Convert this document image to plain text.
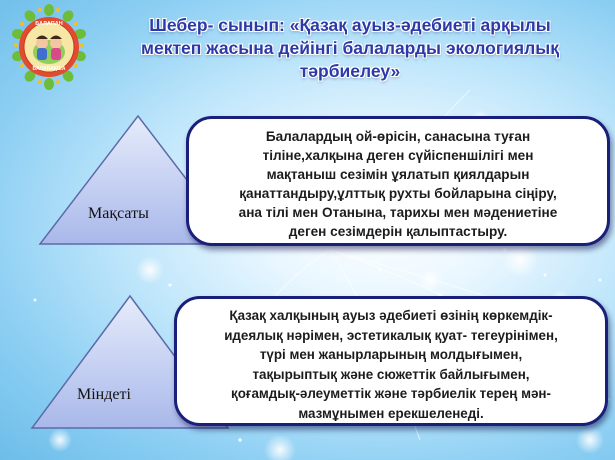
БАЛАПАН
БАЛАБАҚША
Шебер- сынып: «Қазақ ауыз-әдебиеті арқылы
мектеп жасына дейінгі балаларды экологиялық
тәрбиелеу»
Мақсаты
Балалардың ой-өрісін, санасына туған
тіліне,халқына деген сүйіспеншілігі мен
мақтаныш сезімін ұялатып қиялдарын
қанаттандыру,ұлттық рухты бойларына сіңіру,
ана тілі мен Отанына, тарихы мен мәдениетіне
деген сезімдерін қалыптастыру.
Міндеті
Қазақ халқының ауыз әдебиеті өзінің көркемдік-
идеялық нәрімен, эстетикалық қуат- тегеурінімен,
түрі мен жанырларының молдығымен,
тақырыптық және сюжеттік байлығымен,
қоғамдық-әлеуметтік және тәрбиелік терең мән-
мазмұнымен ерекшеленеді.
